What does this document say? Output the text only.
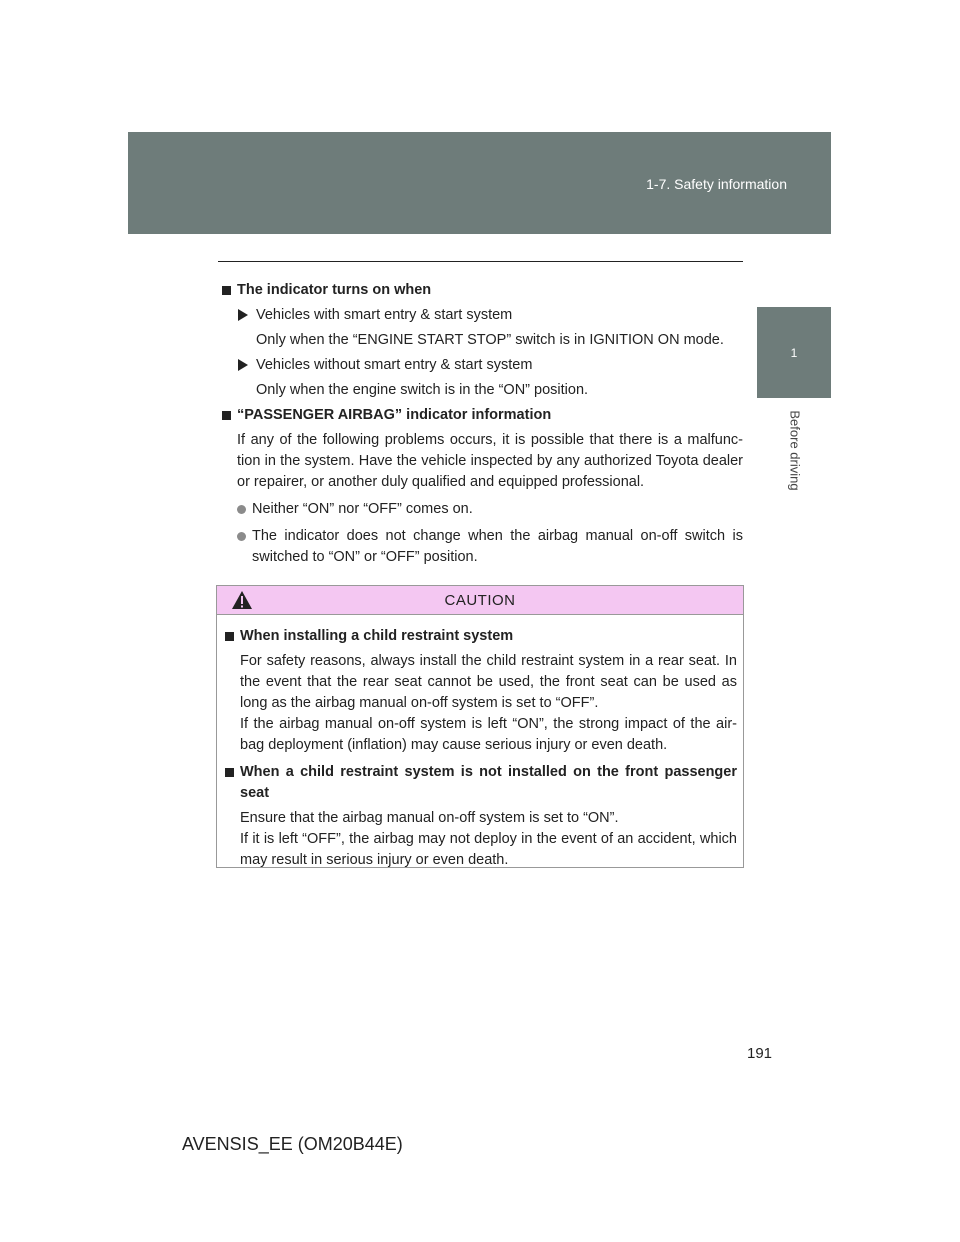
1-7. Safety information
1
Before driving
The indicator turns on when
Vehicles with smart entry & start system
Only when the “ENGINE START STOP” switch is in IGNITION ON mode.
Vehicles without smart entry & start system
Only when the engine switch is in the “ON” position.
“PASSENGER AIRBAG” indicator information
If any of the following problems occurs, it is possible that there is a malfunc-tion in the system. Have the vehicle inspected by any authorized Toyota dealer or repairer, or another duly qualified and equipped professional.
Neither “ON” nor “OFF” comes on.
The indicator does not change when the airbag manual on-off switch is switched to “ON” or “OFF” position.
CAUTION
When installing a child restraint system
For safety reasons, always install the child restraint system in a rear seat. In the event that the rear seat cannot be used, the front seat can be used as long as the airbag manual on-off system is set to “OFF”.
If the airbag manual on-off system is left “ON”, the strong impact of the air-bag deployment (inflation) may cause serious injury or even death.
When a child restraint system is not installed on the front passenger seat
Ensure that the airbag manual on-off system is set to “ON”.
If it is left “OFF”, the airbag may not deploy in the event of an accident, which may result in serious injury or even death.
191
AVENSIS_EE (OM20B44E)
